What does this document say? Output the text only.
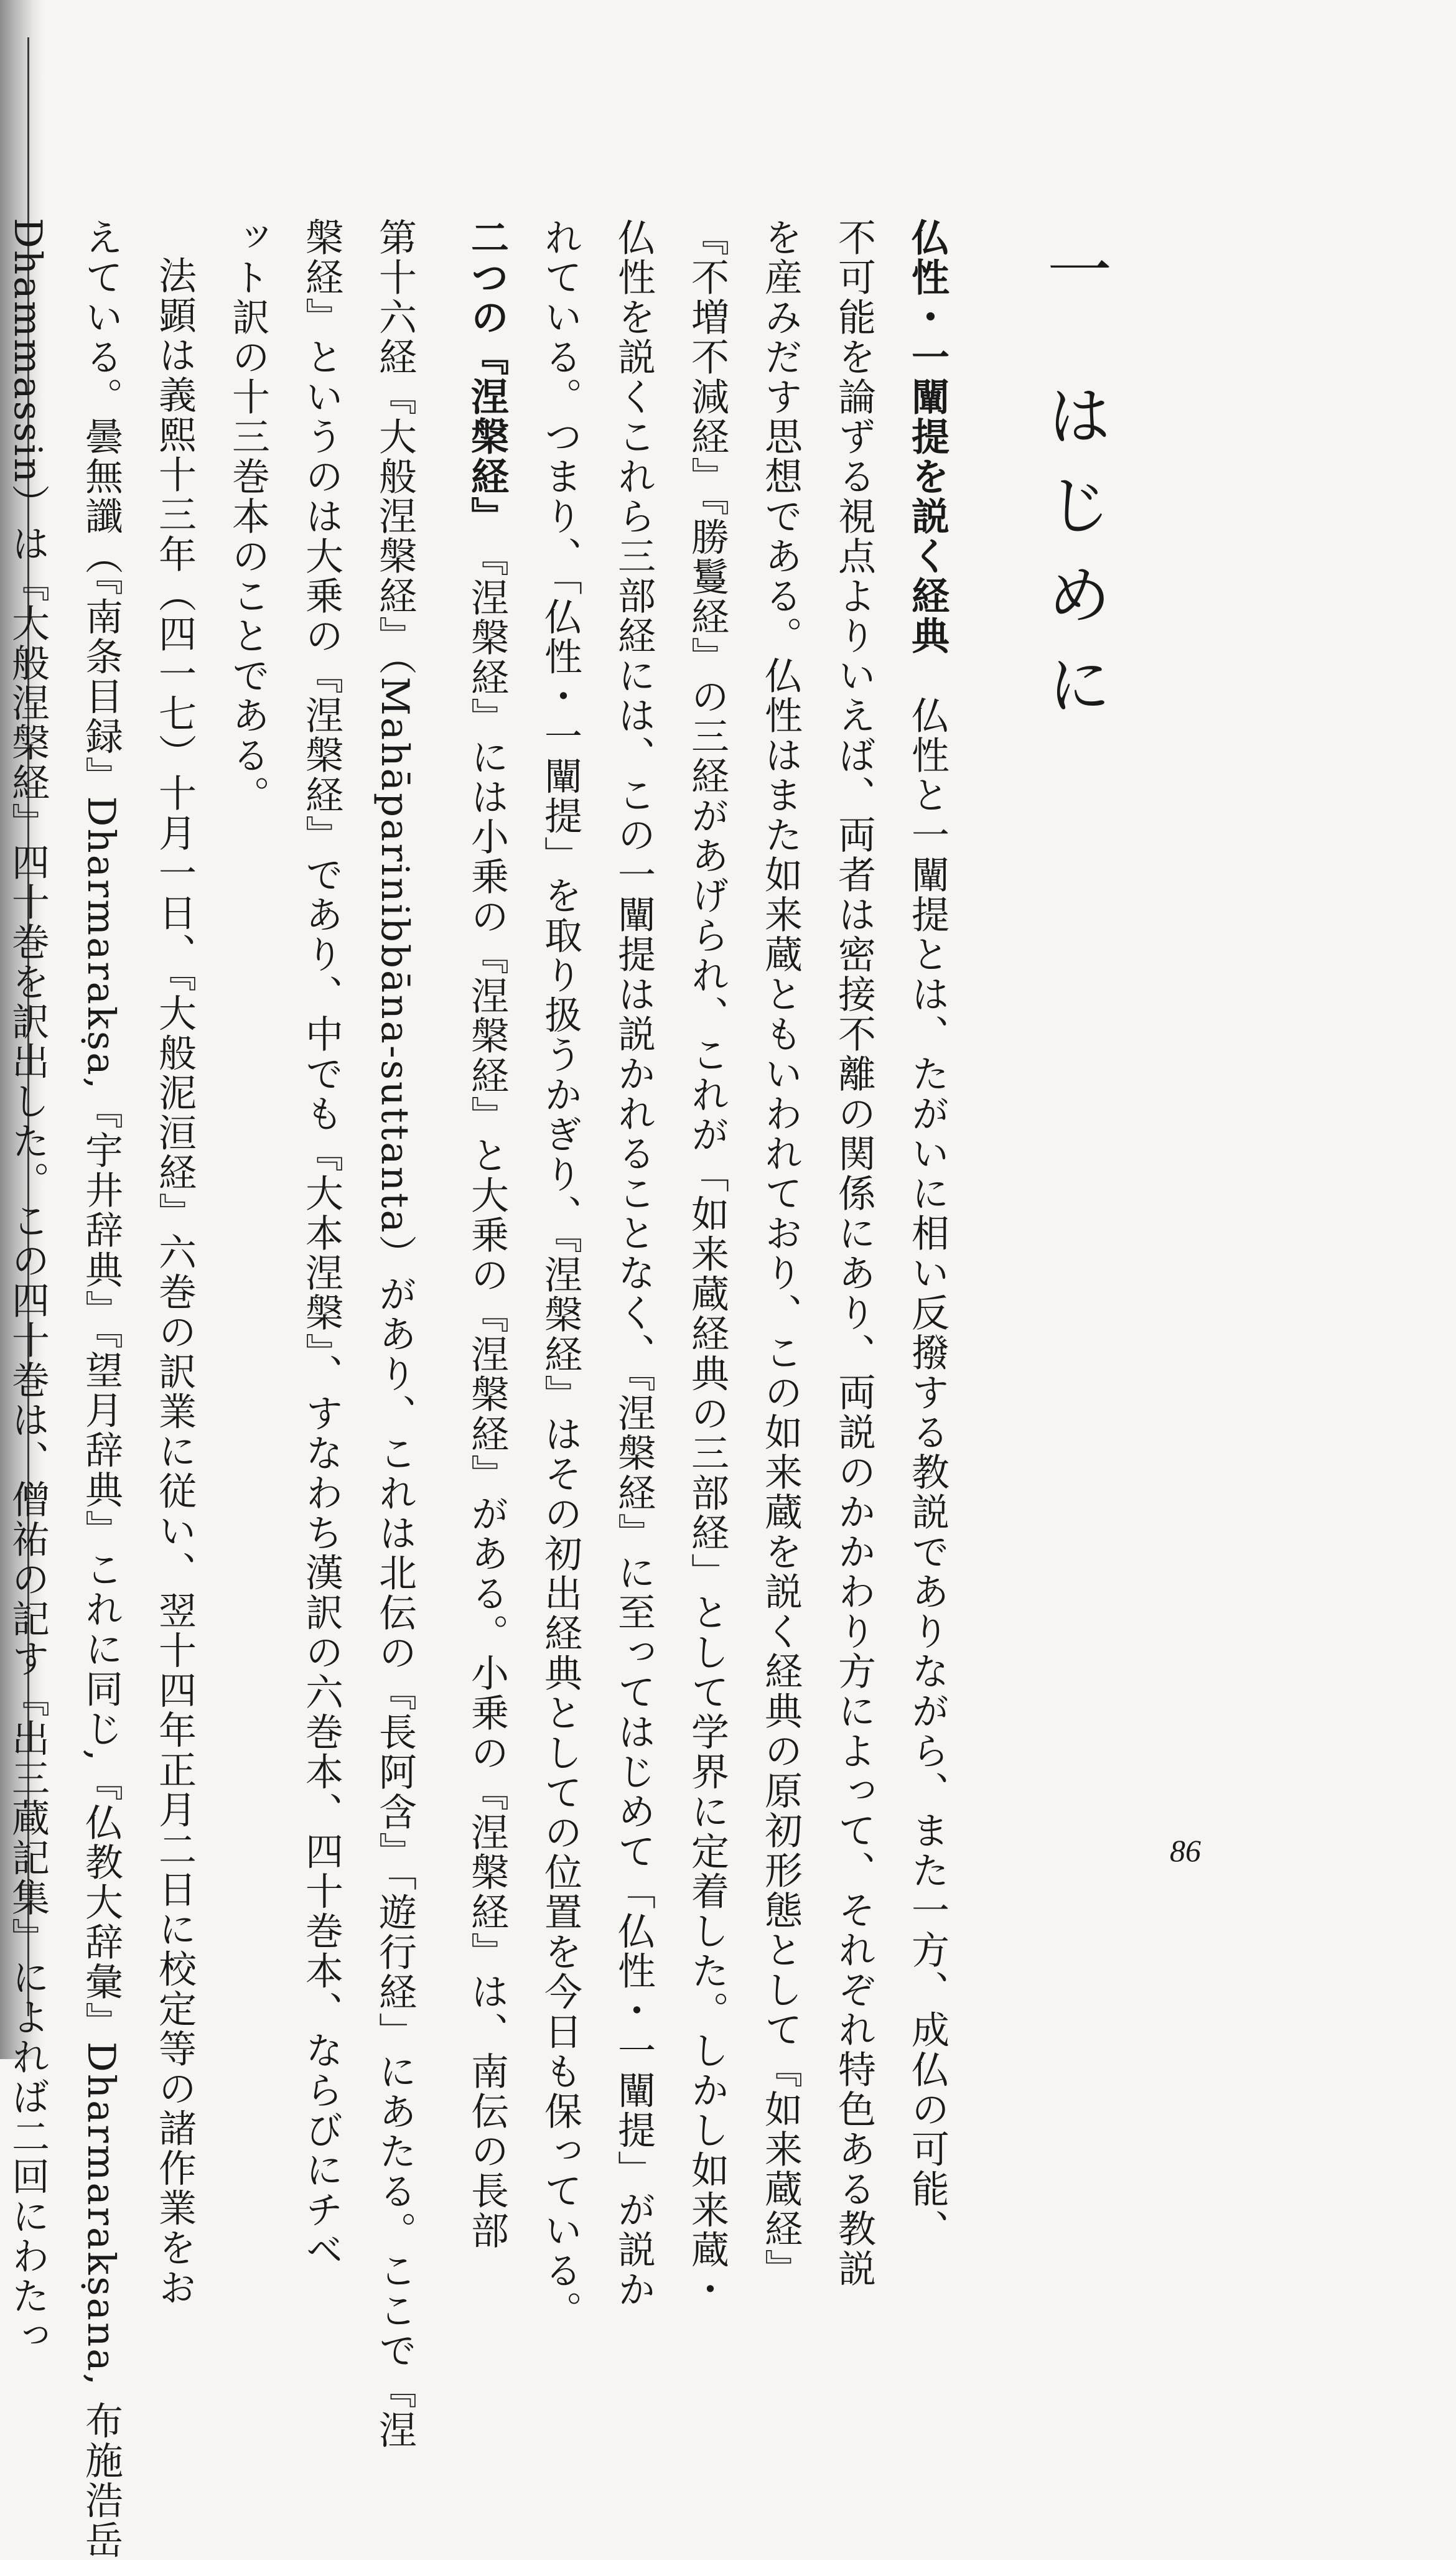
一はじめに
仏性・一闡提を説く経典　仏性と一闡提とは、たがいに相い反撥する教説でありながら、また一方、成仏の可能、
不可能を論ずる視点よりいえば、両者は密接不離の関係にあり、両説のかかわり方によって、それぞれ特色ある教説
を産みだす思想である。仏性はまた如来蔵ともいわれており、この如来蔵を説く経典の原初形態として『如来蔵経』
『不増不減経』『勝鬘経』の三経があげられ、これが「如来蔵経典の三部経」として学界に定着した。しかし如来蔵・
仏性を説くこれら三部経には、この一闡提は説かれることなく、『涅槃経』に至ってはじめて「仏性・一闡提」が説か
れている。つまり、「仏性・一闡提」を取り扱うかぎり、『涅槃経』はその初出経典としての位置を今日も保っている。
二つの『涅槃経』　『涅槃経』には小乗の『涅槃経』と大乗の『涅槃経』がある。小乗の『涅槃経』は、南伝の長部
第十六経『大般涅槃経』（Mahāparinibbāna-suttanta）があり、これは北伝の『長阿含』「遊行経」にあたる。ここで『涅
槃経』というのは大乗の『涅槃経』であり、中でも『大本涅槃』、すなわち漢訳の六巻本、四十巻本、ならびにチベ
ット訳の十三巻本のことである。
法顕は義熙十三年（四一七）十月一日、『大般泥洹経』六巻の訳業に従い、翌十四年正月二日に校定等の諸作業をお
えている。曇無讖（『南条目録』Dharmarakṣa,『宇井辞典』『望月辞典』これに同じ,『仏教大辞彙』Dharmarakṣana, 布施浩岳
Dhammassin）は『大般涅槃経』四十巻を訳出した。この四十巻は、僧祐の記す『出三蔵記集』によれば二回にわたっ	86
